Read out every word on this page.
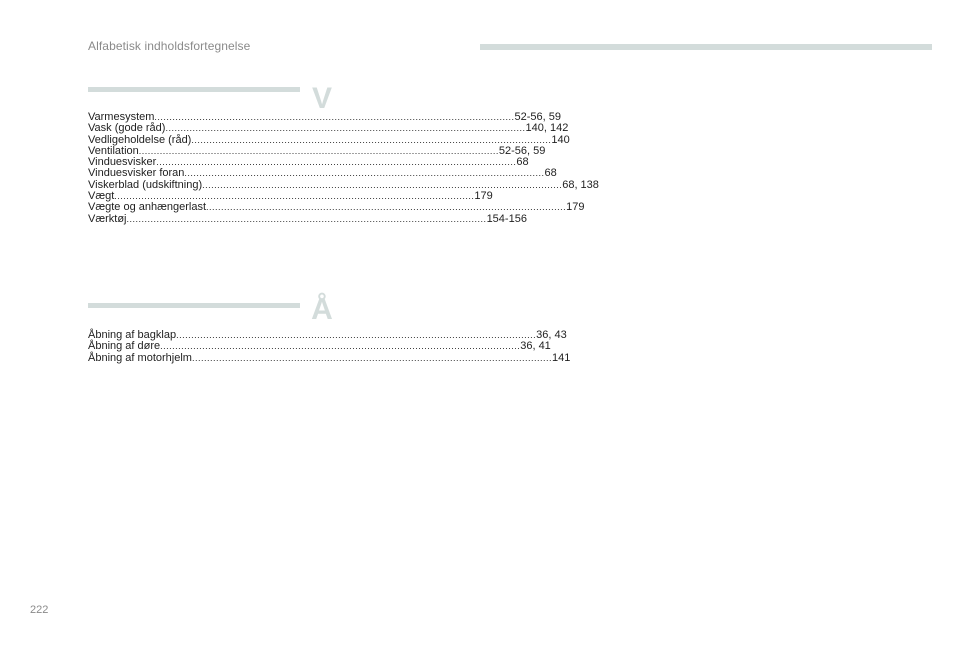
Alfabetisk indholdsfortegnelse
V
Varmesystem ........................................................................................................................ 52-56, 59
Vask (gode råd) ........................................................................................................................ 140, 142
Vedligeholdelse (råd) ........................................................................................................................ 140
Ventilation ........................................................................................................................ 52-56, 59
Vinduesvisker ........................................................................................................................ 68
Vinduesvisker foran ........................................................................................................................ 68
Viskerblad (udskiftning) ........................................................................................................................ 68, 138
Vægt ........................................................................................................................ 179
Vægte og anhængerlast ........................................................................................................................ 179
Værktøj ........................................................................................................................ 154-156
Å
Åbning af bagklap ........................................................................................................................ 36, 43
Åbning af døre ........................................................................................................................ 36, 41
Åbning af motorhjelm ........................................................................................................................ 141
222
